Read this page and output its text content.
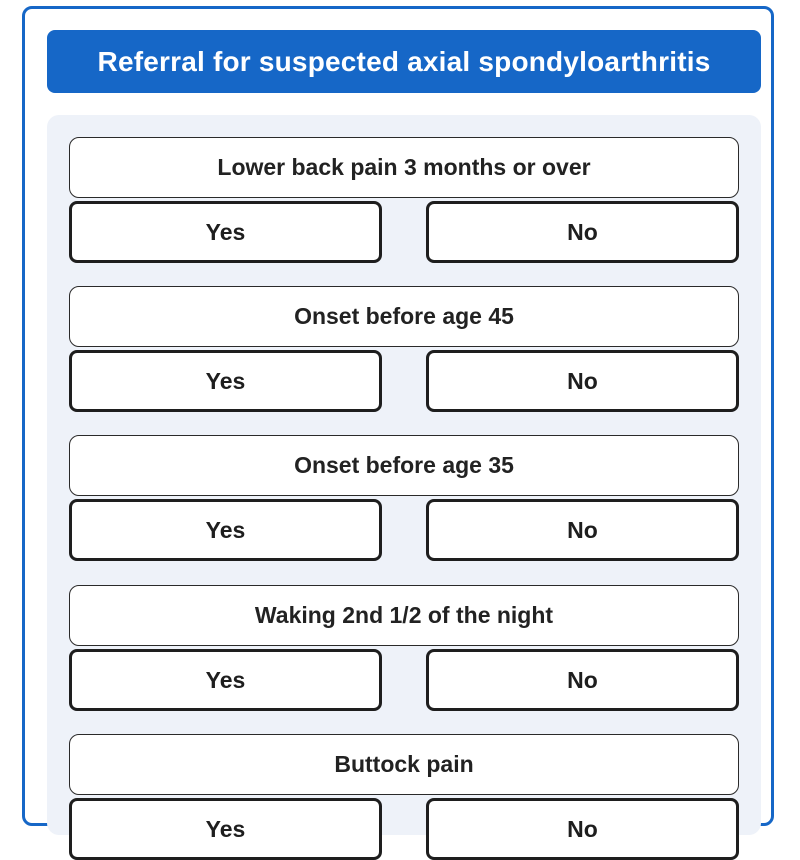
Referral for suspected axial spondyloarthritis
Lower back pain 3 months or over
Yes	No
Onset before age 45
Yes	No
Onset before age 35
Yes	No
Waking 2nd 1/2 of the night
Yes	No
Buttock pain
Yes	No
